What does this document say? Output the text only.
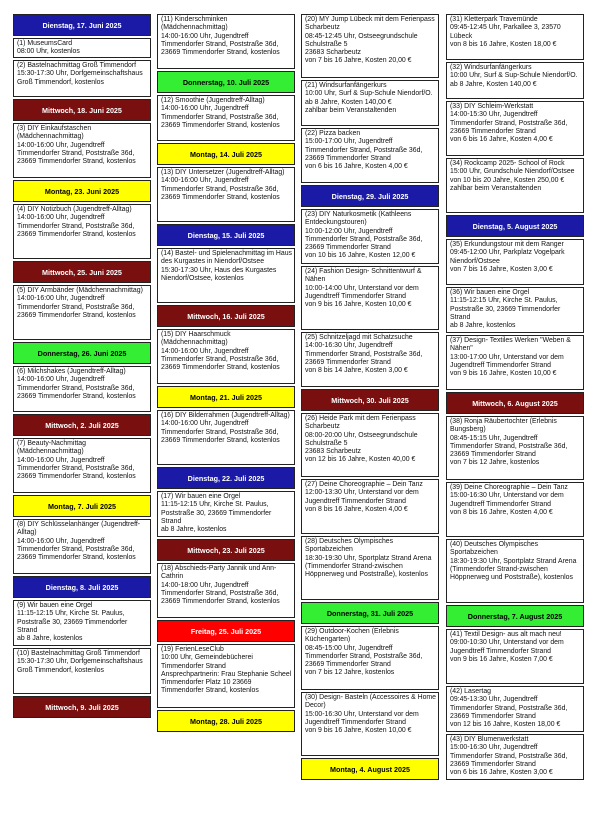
Dienstag, 17. Juni 2025
(1) MuseumsCard
08:00 Uhr, kostenlos
(2) Bastelnachmittag Groß Timmendorf
15:30-17:30 Uhr, Dorfgemeinschaftshaus Groß Timmendorf, kostenlos
Mittwoch, 18. Juni 2025
(3) DIY Einkaufstaschen (Mädchennachmittag)
14:00-16:00 Uhr, Jugendtreff Timmendorfer Strand, Poststraße 36d, 23669 Timmendorfer Strand, kostenlos
Montag, 23. Juni 2025
(4) DIY Notizbuch (Jugendtreff-Alltag)
14:00-16:00 Uhr, Jugendtreff Timmendorfer Strand, Poststraße 36d, 23669 Timmendorfer Strand, kostenlos
Mittwoch, 25. Juni 2025
(5) DIY Armbänder (Mädchennachmittag)
14:00-16:00 Uhr, Jugendtreff Timmendorfer Strand, Poststraße 36d, 23669 Timmendorfer Strand, kostenlos
Donnerstag, 26. Juni 2025
(6) Milchshakes (Jugendtreff-Alltag)
14:00-16:00 Uhr, Jugendtreff Timmendorfer Strand, Poststraße 36d, 23669 Timmendorfer Strand, kostenlos
Mittwoch, 2. Juli 2025
(7) Beauty-Nachmittag (Mädchennachmittag)
14:00-16:00 Uhr, Jugendtreff Timmendorfer Strand, Poststraße 36d, 23669 Timmendorfer Strand, kostenlos
Montag, 7. Juli 2025
(8) DIY Schlüsselanhänger (Jugendtreff-Alltag)
14:00-16:00 Uhr, Jugendtreff Timmendorfer Strand, Poststraße 36d, 23669 Timmendorfer Strand, kostenlos
Dienstag, 8. Juli 2025
(9) Wir bauen eine Orgel
11:15-12:15 Uhr, Kirche St. Paulus, Poststraße 30, 23669 Timmendorfer Strand
ab 8 Jahre, kostenlos
(10) Bastelnachmittag Groß Timmendorf
15:30-17:30 Uhr, Dorfgemeinschaftshaus Groß Timmendorf, kostenlos
Mittwoch, 9. Juli 2025
(11) Kinderschminken (Mädchennachmittag)
14:00-16:00 Uhr, Jugendtreff Timmendorfer Strand, Poststraße 36d, 23669 Timmendorfer Strand, kostenlos
Donnerstag, 10. Juli 2025
(12) Smoothie (Jugendtreff-Alltag)
14:00-16:00 Uhr, Jugendtreff Timmendorfer Strand, Poststraße 36d, 23669 Timmendorfer Strand, kostenlos
Montag, 14. Juli 2025
(13) DIY Untersetzer (Jugendtreff-Alltag)
14:00-16:00 Uhr, Jugendtreff Timmendorfer Strand, Poststraße 36d, 23669 Timmendorfer Strand, kostenlos
Dienstag, 15. Juli 2025
(14) Bastel- und Spielenachmittag im Haus des Kurgastes in Niendorf/Ostsee
15:30-17:30 Uhr, Haus des Kurgastes Niendorf/Ostsee, kostenlos
Mittwoch, 16. Juli 2025
(15) DIY Haarschmuck (Mädchennachmittag)
14:00-16:00 Uhr, Jugendtreff Timmendorfer Strand, Poststraße 36d, 23669 Timmendorfer Strand, kostenlos
Montag, 21. Juli 2025
(16) DIY Bilderrahmen (Jugendtreff-Alltag)
14:00-16:00 Uhr, Jugendtreff Timmendorfer Strand, Poststraße 36d, 23669 Timmendorfer Strand, kostenlos
Dienstag, 22. Juli 2025
(17) Wir bauen eine Orgel
11:15-12:15 Uhr, Kirche St. Paulus, Poststraße 30, 23669 Timmendorfer Strand
ab 8 Jahre, kostenlos
Mittwoch, 23. Juli 2025
(18) Abschieds-Party Jannik und Ann-Cathrin
14:00-18:00 Uhr, Jugendtreff Timmendorfer Strand, Poststraße 36d, 23669 Timmendorfer Strand, kostenlos
Freitag, 25. Juli 2025
(19) FerienLeseClub
10:00 Uhr, Gemeindebücherei Timmendorfer Strand
Ansprechpartnerin: Frau Stephanie Scheel Timmendorfer Platz 10 23669 Timmendorfer Strand, kostenlos
Montag, 28. Juli 2025
(20) MY Jump Lübeck mit dem Ferienpass Scharbeutz
08:45-12:45 Uhr, Ostseegrundschule Schulstraße 5
23683 Scharbeutz
von 7 bis 16 Jahre, Kosten 20,00 €
(21) Windsurfanfängerkurs
10:00 Uhr, Surf & Sup-Schule Niendorf/O.
ab 8 Jahre, Kosten 140,00 €
zahlbar beim Veranstaltenden
(22) Pizza backen
15:00-17:00 Uhr, Jugendtreff Timmendorfer Strand, Poststraße 36d, 23669 Timmendorfer Strand
von 6 bis 16 Jahre, Kosten 4,00 €
Dienstag, 29. Juli 2025
(23) DIY Naturkosmetik (Kathleens Entdeckungstouren)
10:00-12:00 Uhr, Jugendtreff Timmendorfer Strand, Poststraße 36d, 23669 Timmendorfer Strand
von 10 bis 16 Jahre, Kosten 12,00 €
(24) Fashion Design- Schnittentwurf & Nähen
10:00-14:00 Uhr, Unterstand vor dem Jugendtreff Timmendorfer Strand
von 9 bis 16 Jahre, Kosten 10,00 €
(25) Schnitzeljagd mit Schatzsuche
14:00-16:30 Uhr, Jugendtreff Timmendorfer Strand, Poststraße 36d, 23669 Timmendorfer Strand
von 8 bis 14 Jahre, Kosten 3,00 €
Mittwoch, 30. Juli 2025
(26) Heide Park mit dem Ferienpass Scharbeutz
08:00-20:00 Uhr, Ostseegrundschule Schulstraße 5
23683 Scharbeutz
von 12 bis 16 Jahre, Kosten 40,00 €
(27) Deine Choreographie – Dein Tanz
12:00-13:30 Uhr, Unterstand vor dem Jugendtreff Timmendorfer Strand
von 8 bis 16 Jahre, Kosten 4,00 €
(28) Deutsches Olympisches Sportabzeichen
18:30-19:30 Uhr, Sportplatz Strand Arena (Timmendorfer Strand-zwischen Höppnerweg und Poststraße), kostenlos
Donnerstag, 31. Juli 2025
(29) Outdoor-Kochen (Erlebnis Küchengarten)
08:45-15:00 Uhr, Jugendtreff Timmendorfer Strand, Poststraße 36d, 23669 Timmendorfer Strand
von 7 bis 12 Jahre, kostenlos
(30) Design- Basteln (Accessoires & Home Decor)
15:00-16:30 Uhr, Unterstand vor dem Jugendtreff Timmendorfer Strand
von 9 bis 16 Jahre, Kosten 10,00 €
Montag, 4. August 2025
(31) Kletterpark Travemünde
09:45-12:45 Uhr, Parkallee 3, 23570 Lübeck
von 8 bis 16 Jahre, Kosten 18,00 €
(32) Windsurfanfängerkurs
10:00 Uhr, Surf & Sup-Schule Niendorf/O.
ab 8 Jahre, Kosten 140,00 €
(33) DIY Schleim-Werkstatt
14:00-15:30 Uhr, Jugendtreff Timmendorfer Strand, Poststraße 36d, 23669 Timmendorfer Strand
von 6 bis 16 Jahre, Kosten 4,00 €
(34) Rockcamp 2025- School of Rock
15:00 Uhr, Grundschule Niendorf/Ostsee
von 10 bis 20 Jahre, Kosten 250,00 € zahlbar beim Veranstaltenden
Dienstag, 5. August 2025
(35) Erkundungstour mit dem Ranger
09:45-12:00 Uhr, Parkplatz Vogelpark Niendorf/Ostsee
von 7 bis 16 Jahre, Kosten 3,00 €
(36) Wir bauen eine Orgel
11:15-12:15 Uhr, Kirche St. Paulus, Poststraße 30, 23669 Timmendorfer Strand
ab 8 Jahre, kostenlos
(37) Design- Textiles Werken "Weben & Nähen"
13:00-17:00 Uhr, Unterstand vor dem Jugendtreff Timmendorfer Strand
von 9 bis 16 Jahre, Kosten 10,00 €
Mittwoch, 6. August 2025
(38) Ronja Räubertochter (Erlebnis Bungsberg)
08:45-15:15 Uhr, Jugendtreff Timmendorfer Strand, Poststraße 36d, 23669 Timmendorfer Strand
von 7 bis 12 Jahre, kostenlos
(39) Deine Choreographie – Dein Tanz
15:00-16:30 Uhr, Unterstand vor dem Jugendtreff Timmendorfer Strand
von 8 bis 16 Jahre, Kosten 4,00 €
(40) Deutsches Olympisches Sportabzeichen
18:30-19:30 Uhr, Sportplatz Strand Arena (Timmendorfer Strand-zwischen Höppnerweg und Poststraße), kostenlos
Donnerstag, 7. August 2025
(41) Textil Design- aus alt mach neu!
09:00-10:30 Uhr, Unterstand vor dem Jugendtreff Timmendorfer Strand
von 9 bis 16 Jahre, Kosten 7,00 €
(42) Lasertag
09:45-13:30 Uhr, Jugendtreff Timmendorfer Strand, Poststraße 36d, 23669 Timmendorfer Strand
von 12 bis 16 Jahre, Kosten 18,00 €
(43) DIY Blumenwerkstatt
15:00-16:30 Uhr, Jugendtreff Timmendorfer Strand, Poststraße 36d, 23669 Timmendorfer Strand
von 6 bis 16 Jahre, Kosten 3,00 €
